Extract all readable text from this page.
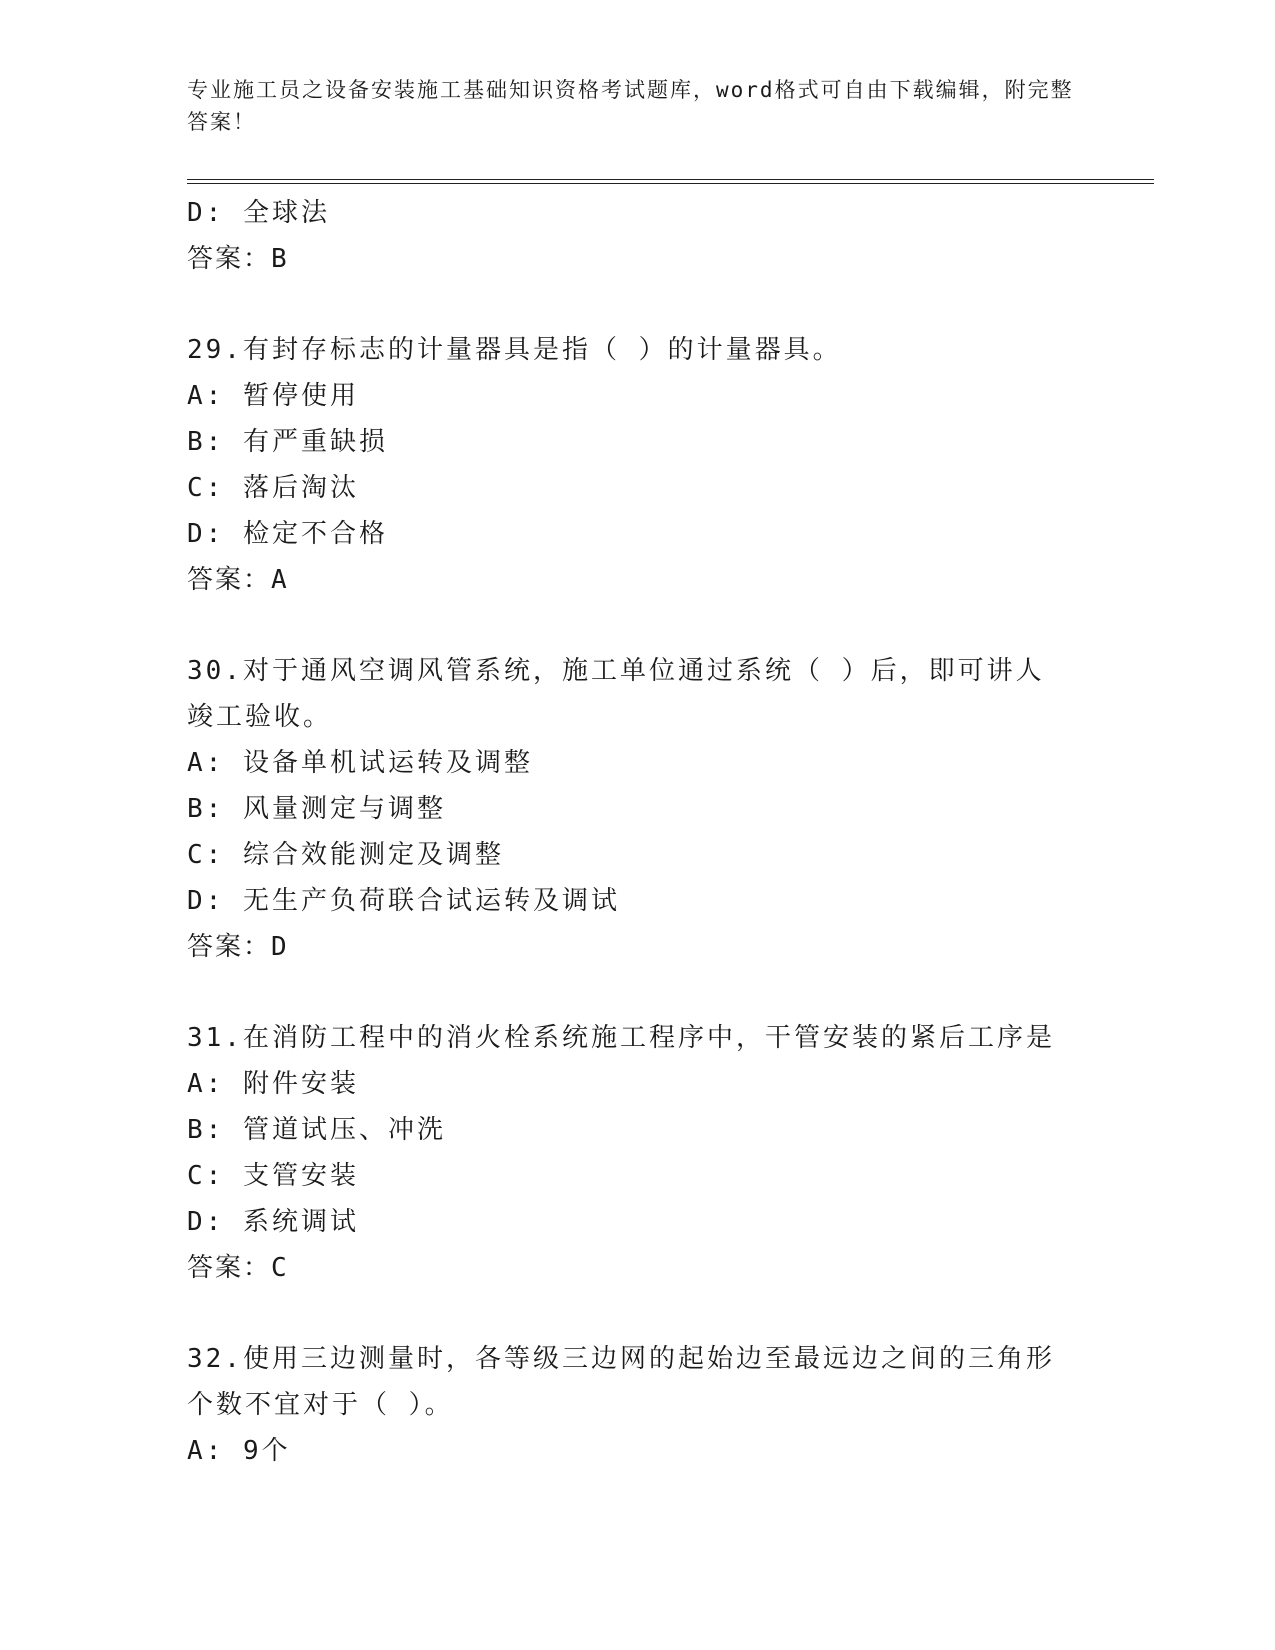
专业施工员之设备安装施工基础知识资格考试题库，word格式可自由下载编辑，附完整答案！
D: 全球法
答案：B
29.有封存标志的计量器具是指（ ）的计量器具。
A: 暂停使用
B: 有严重缺损
C: 落后淘汰
D: 检定不合格
答案：A
30.对于通风空调风管系统，施工单位通过系统（ ）后，即可讲人竣工验收。
A: 设备单机试运转及调整
B: 风量测定与调整
C: 综合效能测定及调整
D: 无生产负荷联合试运转及调试
答案：D
31.在消防工程中的消火栓系统施工程序中，干管安装的紧后工序是
A: 附件安装
B: 管道试压、冲洗
C: 支管安装
D: 系统调试
答案：C
32.使用三边测量时，各等级三边网的起始边至最远边之间的三角形个数不宜对于（ ）。
A: 9个
